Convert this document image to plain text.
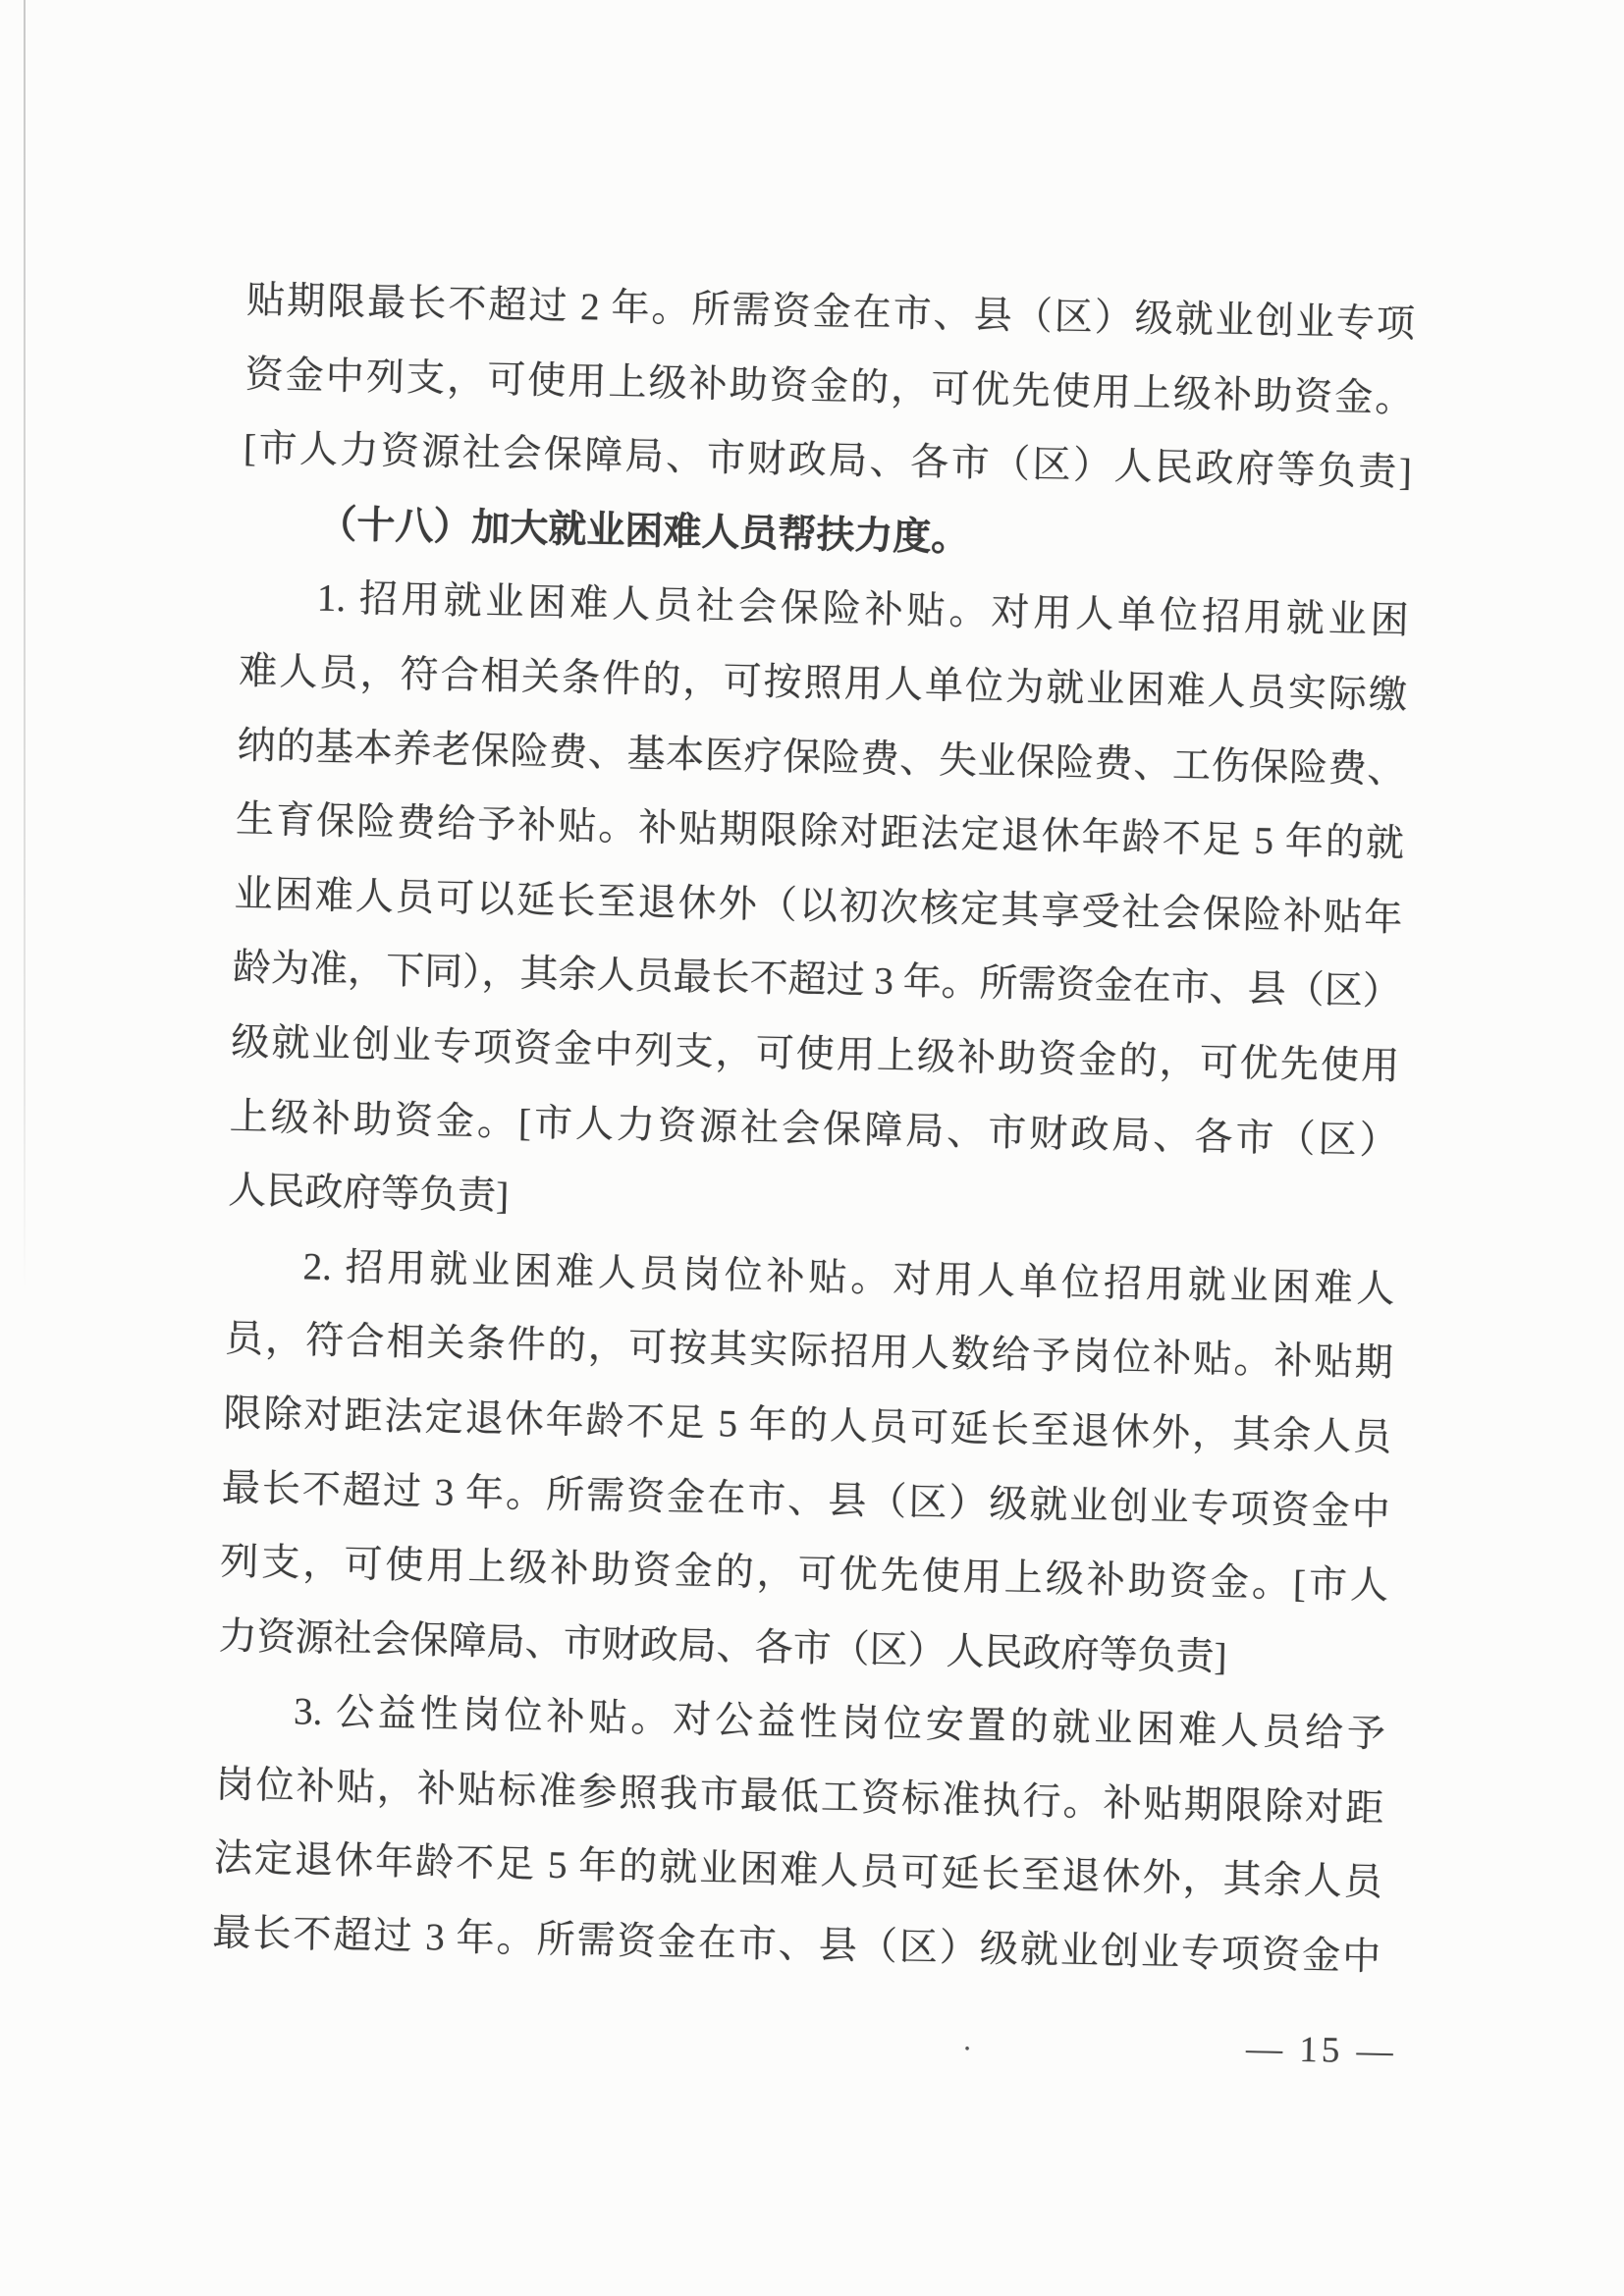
贴期限最长不超过 2 年。所需资金在市、县（区）级就业创业专项
资金中列支，可使用上级补助资金的，可优先使用上级补助资金。
[市人力资源社会保障局、市财政局、各市（区）人民政府等负责]
（十八）加大就业困难人员帮扶力度。
1. 招用就业困难人员社会保险补贴。对用人单位招用就业困
难人员，符合相关条件的，可按照用人单位为就业困难人员实际缴
纳的基本养老保险费、基本医疗保险费、失业保险费、工伤保险费、
生育保险费给予补贴。补贴期限除对距法定退休年龄不足 5 年的就
业困难人员可以延长至退休外（以初次核定其享受社会保险补贴年
龄为准，下同），其余人员最长不超过 3 年。所需资金在市、县（区）
级就业创业专项资金中列支，可使用上级补助资金的，可优先使用
上级补助资金。[市人力资源社会保障局、市财政局、各市（区）
人民政府等负责]
2. 招用就业困难人员岗位补贴。对用人单位招用就业困难人
员，符合相关条件的，可按其实际招用人数给予岗位补贴。补贴期
限除对距法定退休年龄不足 5 年的人员可延长至退休外，其余人员
最长不超过 3 年。所需资金在市、县（区）级就业创业专项资金中
列支，可使用上级补助资金的，可优先使用上级补助资金。[市人
力资源社会保障局、市财政局、各市（区）人民政府等负责]
3. 公益性岗位补贴。对公益性岗位安置的就业困难人员给予
岗位补贴，补贴标准参照我市最低工资标准执行。补贴期限除对距
法定退休年龄不足 5 年的就业困难人员可延长至退休外，其余人员
最长不超过 3 年。所需资金在市、县（区）级就业创业专项资金中
— 15 —
·
